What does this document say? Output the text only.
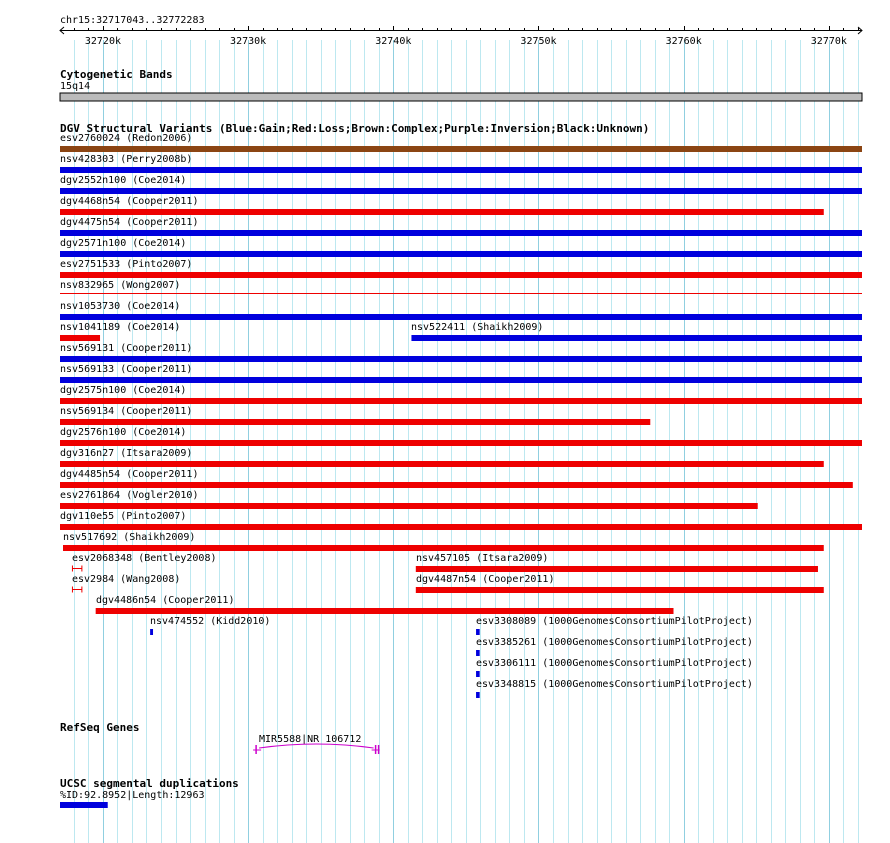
chr15:32717043..32772283
Cytogenetic Bands
15q14
DGV Structural Variants (Blue:Gain;Red:Loss;Brown:Complex;Purple:Inversion;Black:Unknown)
RefSeq Genes
MIR5588|NR_106712
UCSC segmental duplications
%ID:92.8952|Length:12963
esv2760024 (Redon2006)
nsv428303 (Perry2008b)
dgv2552n100 (Coe2014)
dgv4468n54 (Cooper2011)
dgv4475n54 (Cooper2011)
dgv2571n100 (Coe2014)
esv2751533 (Pinto2007)
nsv832965 (Wong2007)
nsv1053730 (Coe2014)
nsv1041189 (Coe2014)	nsv522411 (Shaikh2009)
nsv569131 (Cooper2011)
nsv569133 (Cooper2011)
dgv2575n100 (Coe2014)
nsv569134 (Cooper2011)
dgv2576n100 (Coe2014)
dgv316n27 (Itsara2009)
dgv4485n54 (Cooper2011)
esv2761864 (Vogler2010)
dgv110e55 (Pinto2007)
nsv517692 (Shaikh2009)
esv2068348 (Bentley2008)	nsv457105 (Itsara2009)
esv2984 (Wang2008)	dgv4487n54 (Cooper2011)
dgv4486n54 (Cooper2011)
nsv474552 (Kidd2010)	esv3308089 (1000GenomesConsortiumPilotProject)
esv3385261 (1000GenomesConsortiumPilotProject)
esv3306111 (1000GenomesConsortiumPilotProject)
esv3348815 (1000GenomesConsortiumPilotProject)
32720k	32730k	32740k	32750k	32760k	32770k
